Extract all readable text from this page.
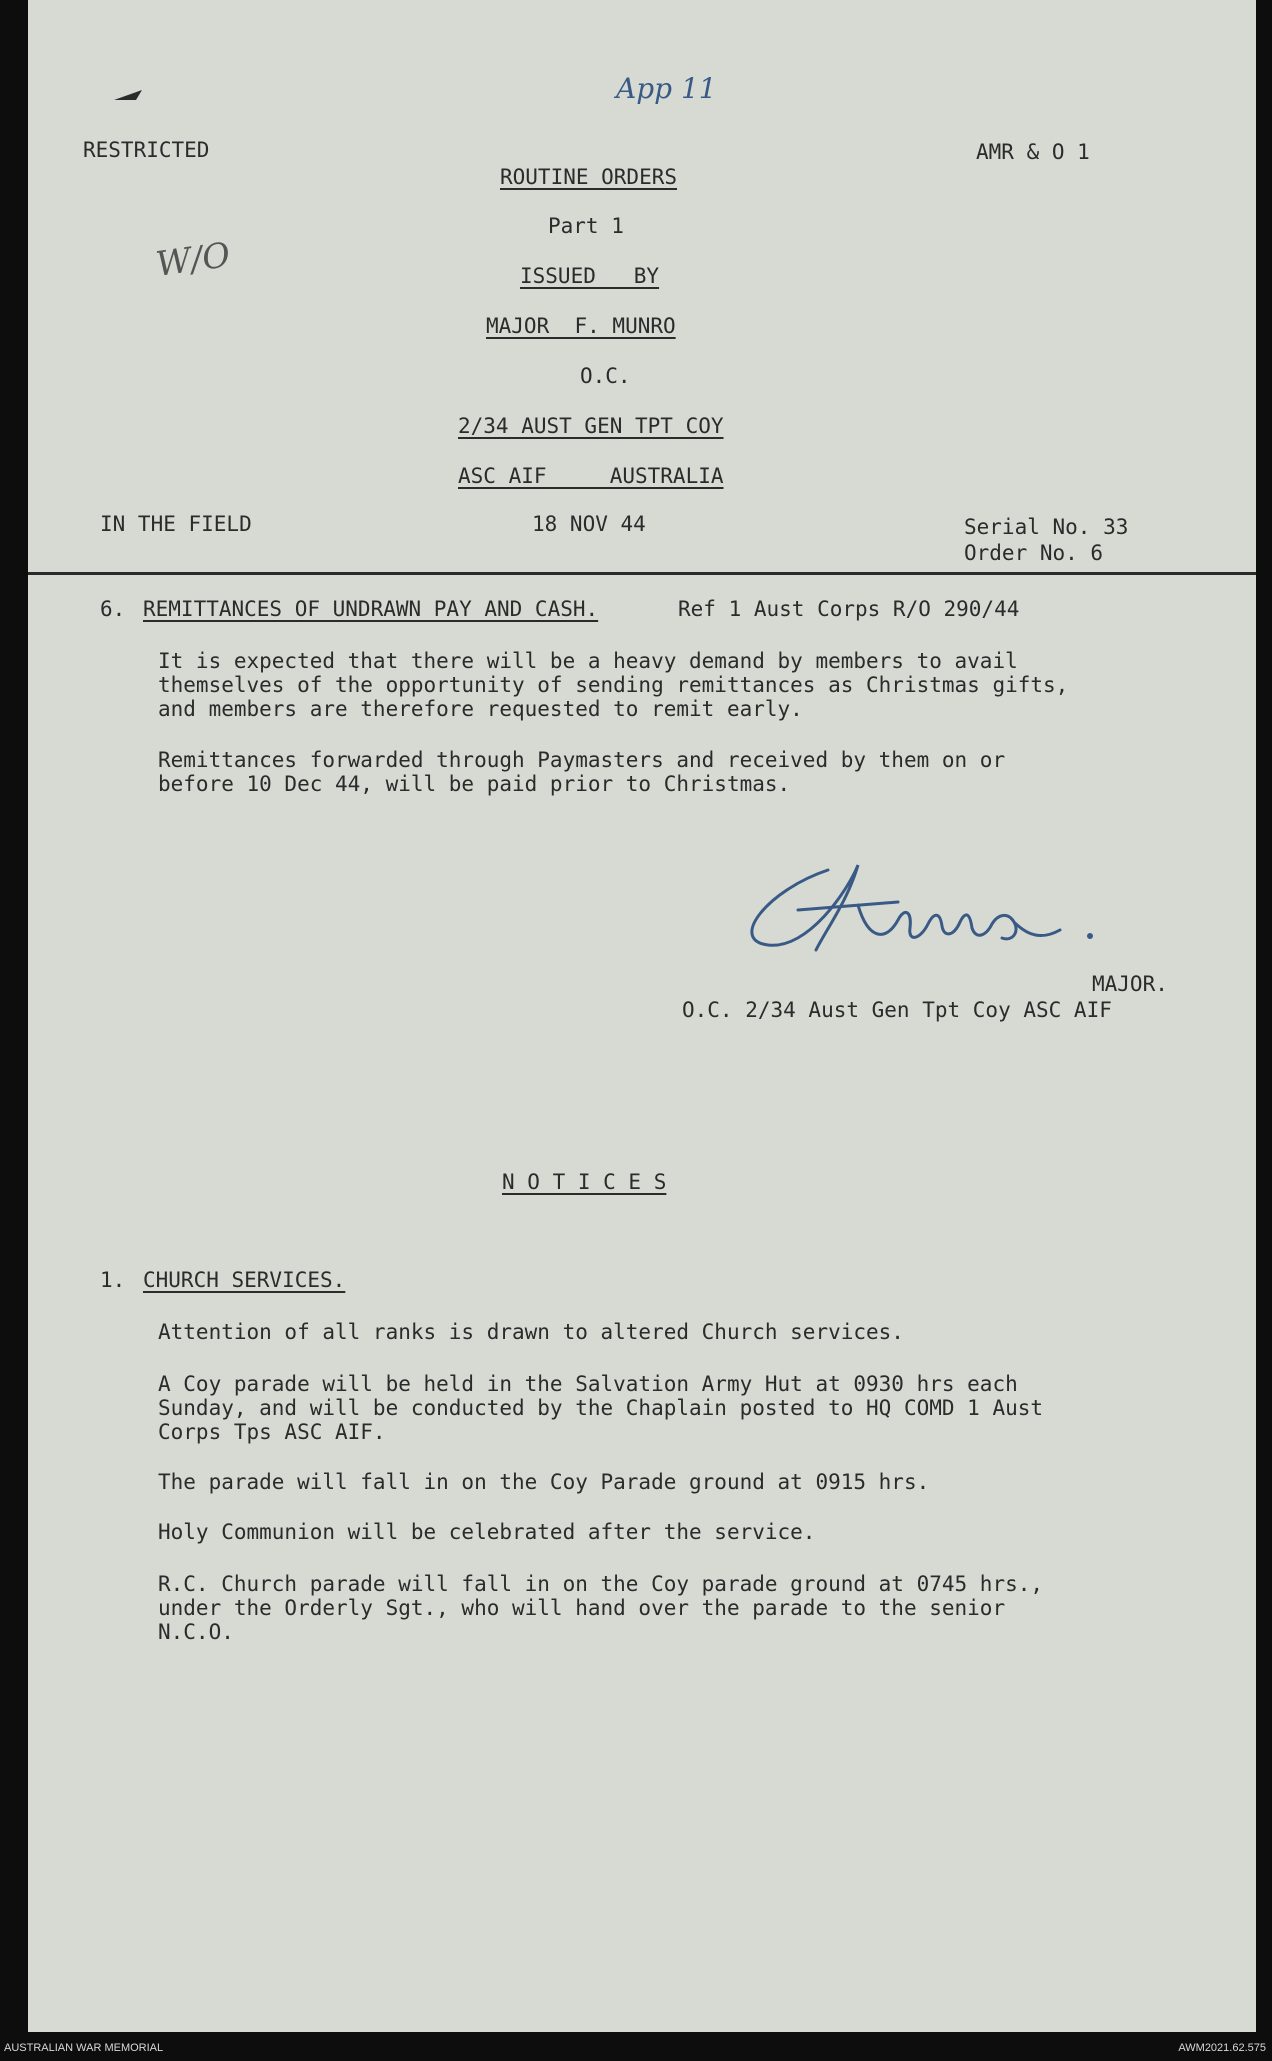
App 11
RESTRICTED	AMR & O 1
W/O
ROUTINE ORDERS
Part 1
ISSUED   BY
MAJOR  F. MUNRO
O.C.
2/34 AUST GEN TPT COY
ASC AIF     AUSTRALIA
IN THE FIELD	18 NOV 44	Serial No. 33
Order No. 6
6. REMITTANCES OF UNDRAWN PAY AND CASH.	Ref 1 Aust Corps R/O 290/44
It is expected that there will be a heavy demand by members to avail
themselves of the opportunity of sending remittances as Christmas gifts,
and members are therefore requested to remit early.
Remittances forwarded through Paymasters and received by them on or
before 10 Dec 44, will be paid prior to Christmas.
MAJOR.
O.C. 2/34 Aust Gen Tpt Coy ASC AIF
N O T I C E S
1. CHURCH SERVICES.
Attention of all ranks is drawn to altered Church services.
A Coy parade will be held in the Salvation Army Hut at 0930 hrs each
Sunday, and will be conducted by the Chaplain posted to HQ COMD 1 Aust
Corps Tps ASC AIF.
The parade will fall in on the Coy Parade ground at 0915 hrs.
Holy Communion will be celebrated after the service.
R.C. Church parade will fall in on the Coy parade ground at 0745 hrs.,
under the Orderly Sgt., who will hand over the parade to the senior
N.C.O.
AUSTRALIAN WAR MEMORIAL	AWM2021.62.575
